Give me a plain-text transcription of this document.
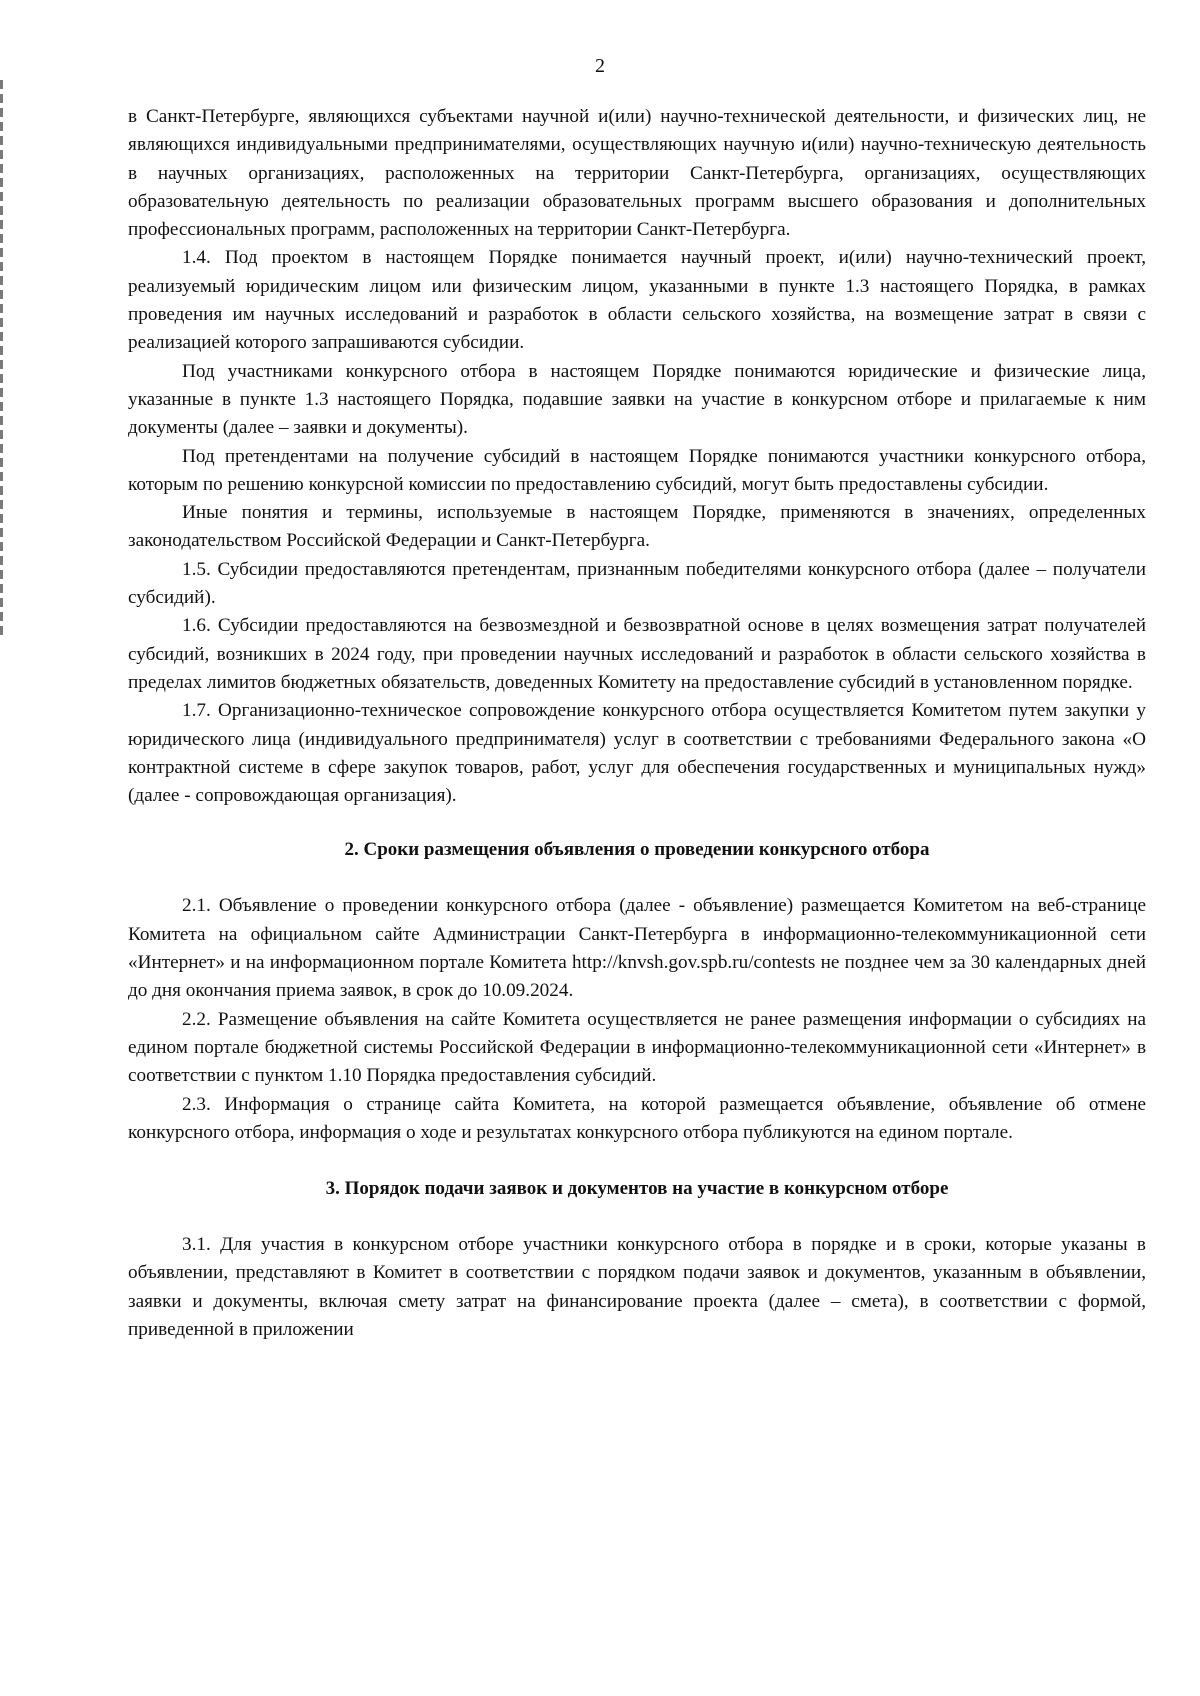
2

в Санкт-Петербурге, являющихся субъектами научной и(или) научно-технической деятельности, и физических лиц, не являющихся индивидуальными предпринимателями, осуществляющих научную и(или) научно-техническую деятельность в научных организациях, расположенных на территории Санкт-Петербурга, организациях, осуществляющих образовательную деятельность по реализации образовательных программ высшего образования и дополнительных профессиональных программ, расположенных на территории Санкт-Петербурга.

1.4. Под проектом в настоящем Порядке понимается научный проект, и(или) научно-технический проект, реализуемый юридическим лицом или физическим лицом, указанными в пункте 1.3 настоящего Порядка, в рамках проведения им научных исследований и разработок в области сельского хозяйства, на возмещение затрат в связи с реализацией которого запрашиваются субсидии.

Под участниками конкурсного отбора в настоящем Порядке понимаются юридические и физические лица, указанные в пункте 1.3 настоящего Порядка, подавшие заявки на участие в конкурсном отборе и прилагаемые к ним документы (далее – заявки и документы).

Под претендентами на получение субсидий в настоящем Порядке понимаются участники конкурсного отбора, которым по решению конкурсной комиссии по предоставлению субсидий, могут быть предоставлены субсидии.

Иные понятия и термины, используемые в настоящем Порядке, применяются в значениях, определенных законодательством Российской Федерации и Санкт-Петербурга.

1.5. Субсидии предоставляются претендентам, признанным победителями конкурсного отбора (далее – получатели субсидий).

1.6. Субсидии предоставляются на безвозмездной и безвозвратной основе в целях возмещения затрат получателей субсидий, возникших в 2024 году, при проведении научных исследований и разработок в области сельского хозяйства в пределах лимитов бюджетных обязательств, доведенных Комитету на предоставление субсидий в установленном порядке.

1.7. Организационно-техническое сопровождение конкурсного отбора осуществляется Комитетом путем закупки у юридического лица (индивидуального предпринимателя) услуг в соответствии с требованиями Федерального закона «О контрактной системе в сфере закупок товаров, работ, услуг для обеспечения государственных и муниципальных нужд» (далее - сопровождающая организация).

2. Сроки размещения объявления о проведении конкурсного отбора

2.1. Объявление о проведении конкурсного отбора (далее - объявление) размещается Комитетом на веб-странице Комитета на официальном сайте Администрации Санкт-Петербурга в информационно-телекоммуникационной сети «Интернет» и на информационном портале Комитета http://knvsh.gov.spb.ru/contests не позднее чем за 30 календарных дней до дня окончания приема заявок, в срок до 10.09.2024.

2.2. Размещение объявления на сайте Комитета осуществляется не ранее размещения информации о субсидиях на едином портале бюджетной системы Российской Федерации в информационно-телекоммуникационной сети «Интернет» в соответствии с пунктом 1.10 Порядка предоставления субсидий.

2.3. Информация о странице сайта Комитета, на которой размещается объявление, объявление об отмене конкурсного отбора, информация о ходе и результатах конкурсного отбора публикуются на едином портале.

3. Порядок подачи заявок и документов на участие в конкурсном отборе

3.1. Для участия в конкурсном отборе участники конкурсного отбора в порядке и в сроки, которые указаны в объявлении, представляют в Комитет в соответствии с порядком подачи заявок и документов, указанным в объявлении, заявки и документы, включая смету затрат на финансирование проекта (далее – смета), в соответствии с формой, приведенной в приложении
